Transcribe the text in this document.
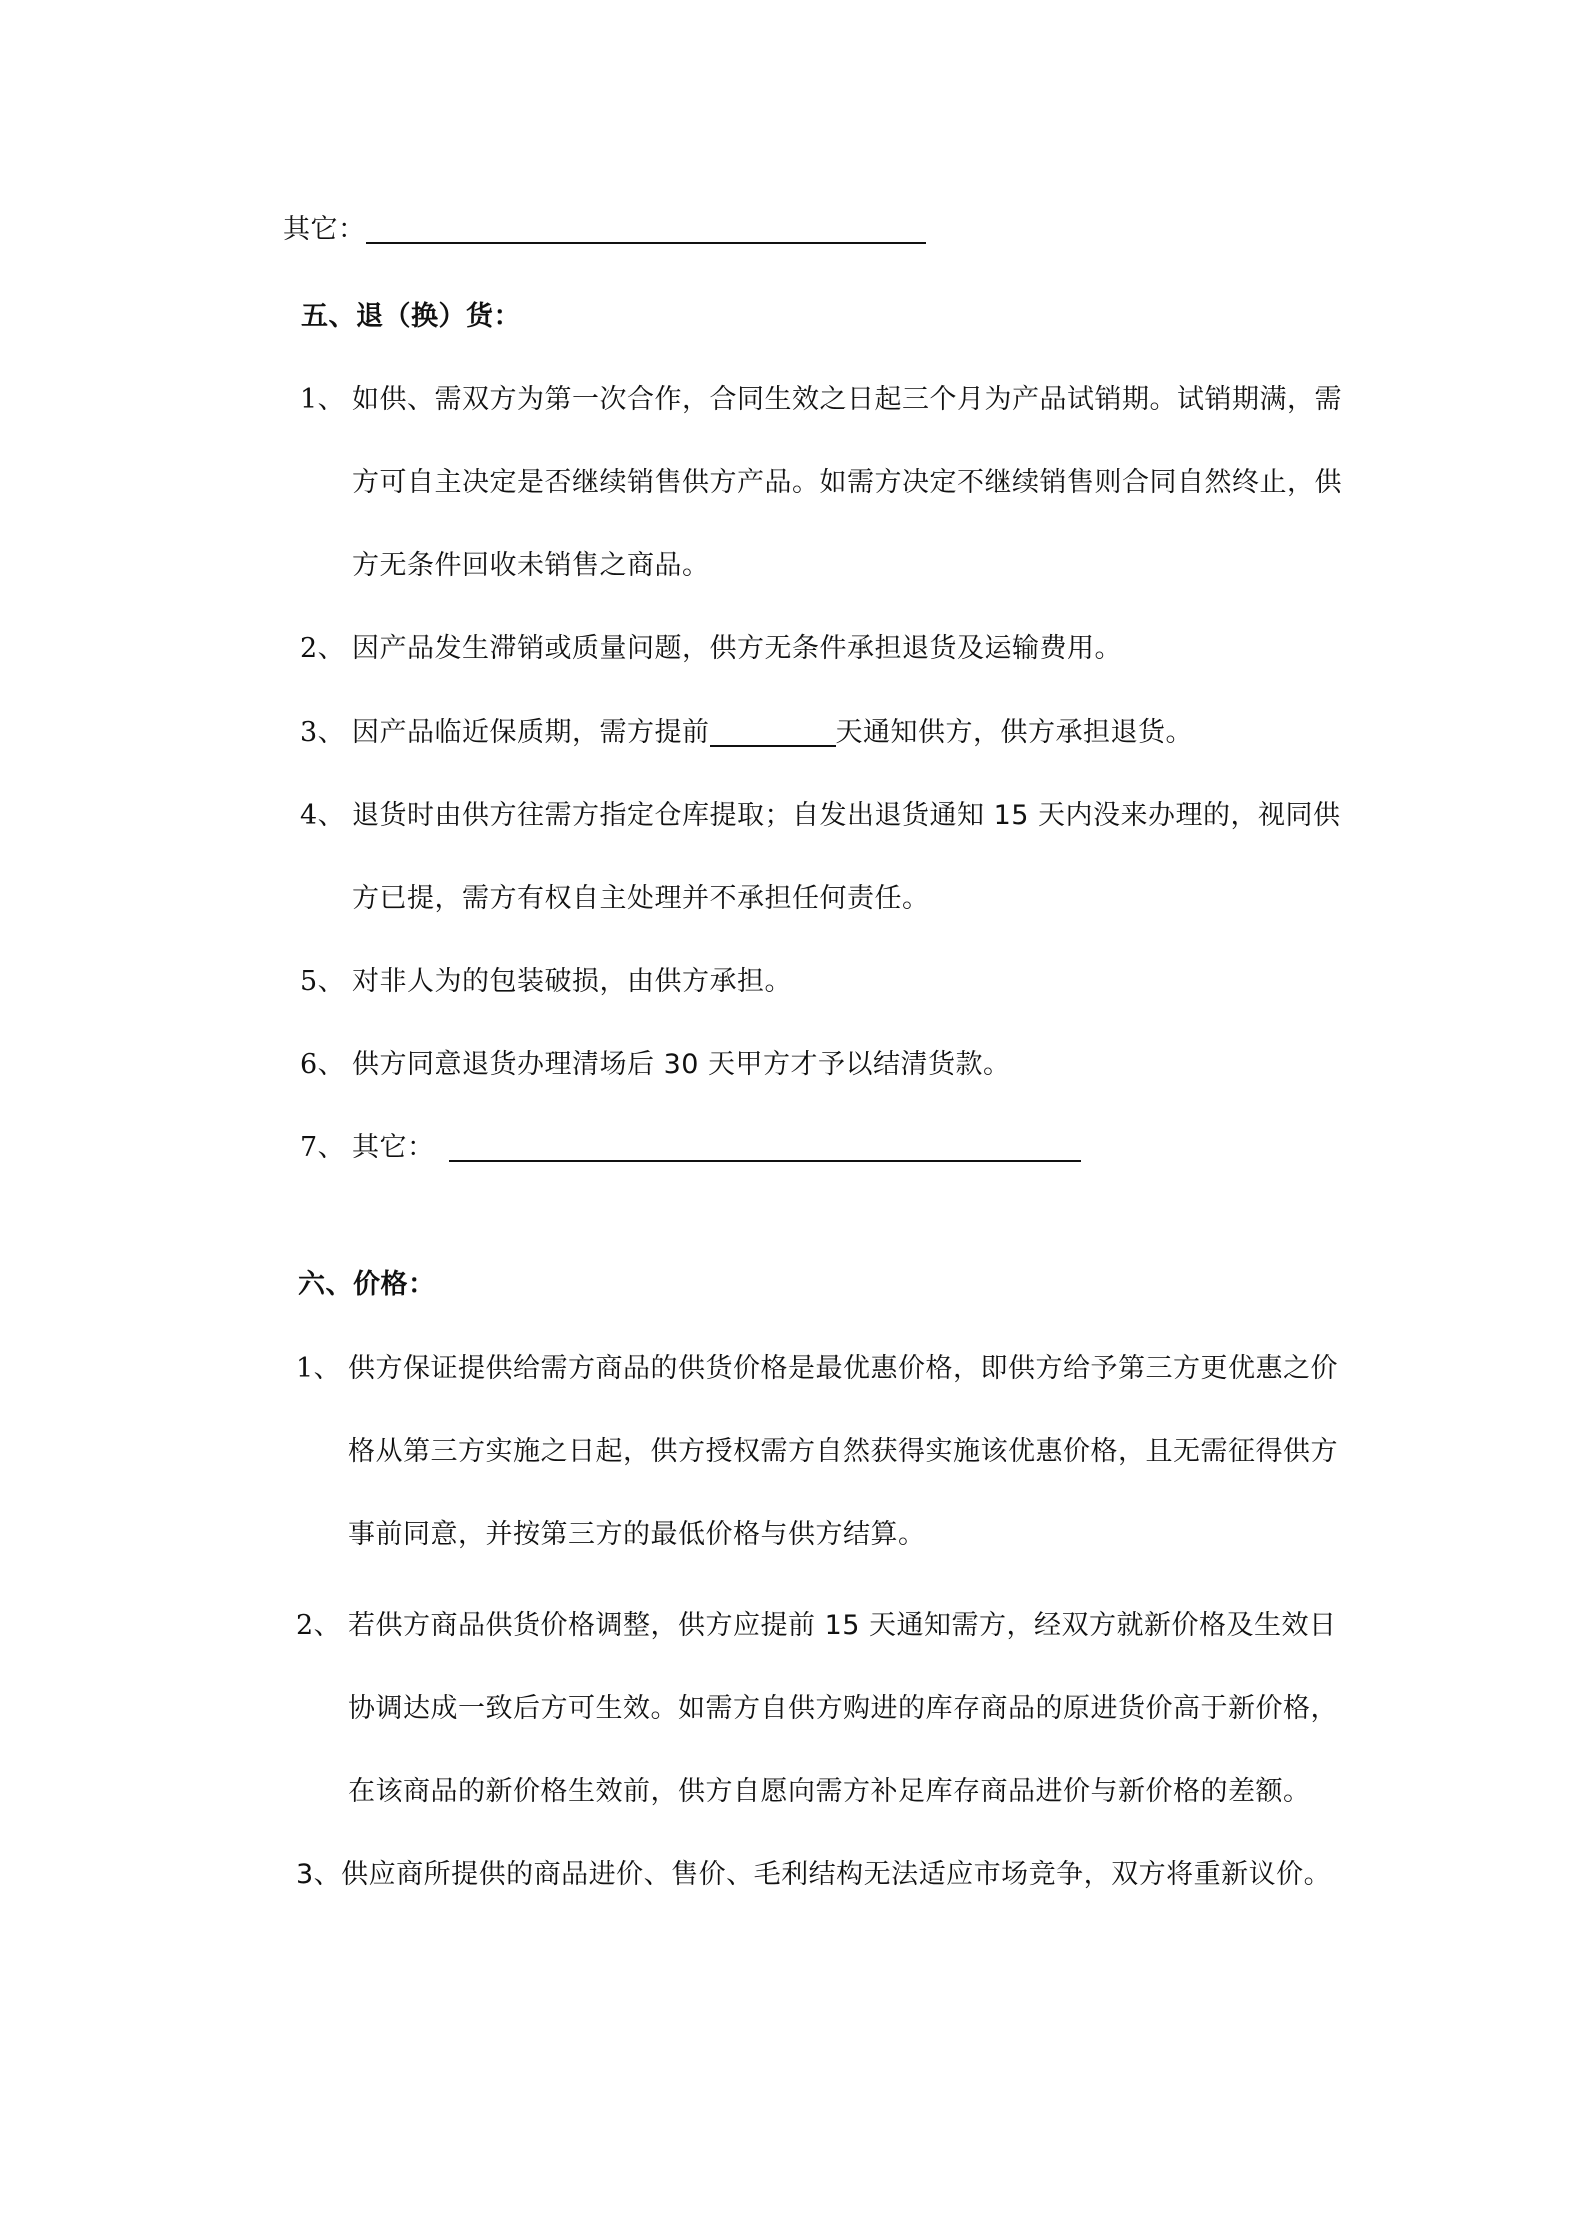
其它：
五、退（换）货：
1、 如供、需双方为第一次合作，合同生效之日起三个月为产品试销期。试销期满，需
方可自主决定是否继续销售供方产品。如需方决定不继续销售则合同自然终止，供
方无条件回收未销售之商品。
2、 因产品发生滞销或质量问题，供方无条件承担退货及运输费用。
3、 因产品临近保质期，需方提前	天通知供方，供方承担退货。
4、 退货时由供方往需方指定仓库提取；自发出退货通知 15 天内没来办理的，视同供
方已提，需方有权自主处理并不承担任何责任。
5、 对非人为的包装破损，由供方承担。
6、 供方同意退货办理清场后 30 天甲方才予以结清货款。
7、 其它：
六、价格：
1、 供方保证提供给需方商品的供货价格是最优惠价格，即供方给予第三方更优惠之价
格从第三方实施之日起，供方授权需方自然获得实施该优惠价格，且无需征得供方
事前同意，并按第三方的最低价格与供方结算。
2、 若供方商品供货价格调整，供方应提前 15 天通知需方，经双方就新价格及生效日
协调达成一致后方可生效。如需方自供方购进的库存商品的原进货价高于新价格，
在该商品的新价格生效前，供方自愿向需方补足库存商品进价与新价格的差额。
3、供应商所提供的商品进价、售价、毛利结构无法适应市场竞争，双方将重新议价。
